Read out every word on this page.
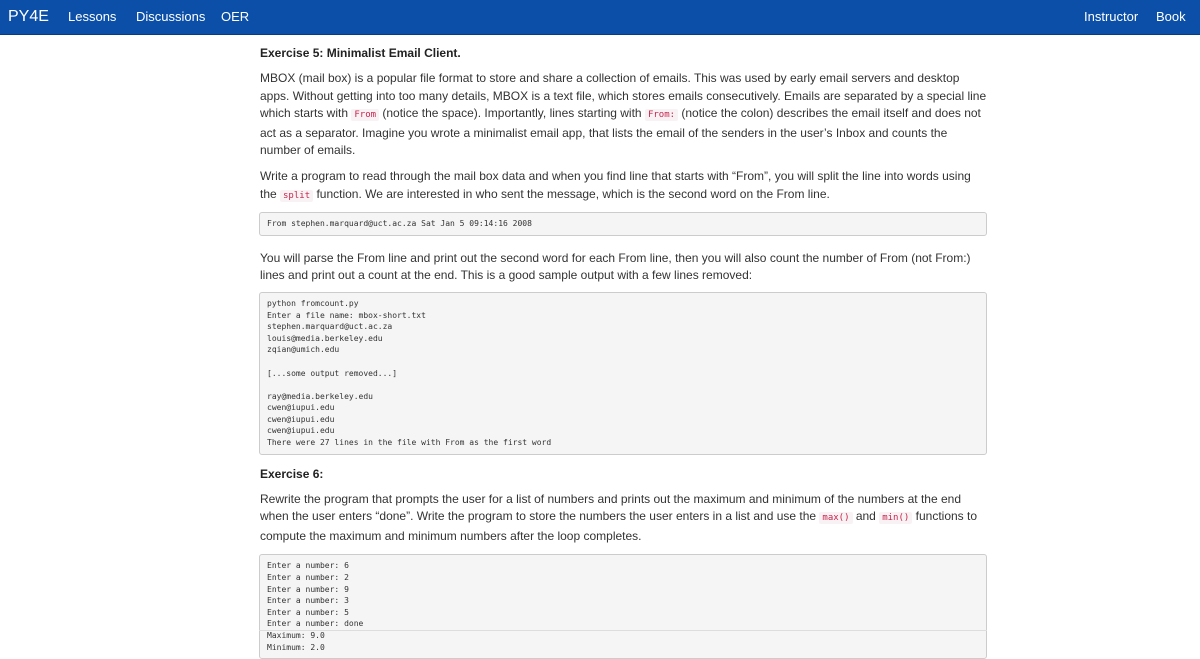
PY4E Lessons Discussions OER	Instructor Book
Exercise 5: Minimalist Email Client.

MBOX (mail box) is a popular file format to store and share a collection of emails. This was used by early email servers and desktop apps. Without getting into too many details, MBOX is a text file, which stores emails consecutively. Emails are separated by a special line which starts with From (notice the space). Importantly, lines starting with From: (notice the colon) describes the email itself and does not act as a separator. Imagine you wrote a minimalist email app, that lists the email of the senders in the user’s Inbox and counts the number of emails.

Write a program to read through the mail box data and when you find line that starts with “From”, you will split the line into words using the split function. We are interested in who sent the message, which is the second word on the From line.

From stephen.marquard@uct.ac.za Sat Jan 5 09:14:16 2008

You will parse the From line and print out the second word for each From line, then you will also count the number of From (not From:) lines and print out a count at the end. This is a good sample output with a few lines removed:

python fromcount.py
Enter a file name: mbox-short.txt
stephen.marquard@uct.ac.za
louis@media.berkeley.edu
zqian@umich.edu

[...some output removed...]

ray@media.berkeley.edu
cwen@iupui.edu
cwen@iupui.edu
cwen@iupui.edu
There were 27 lines in the file with From as the first word
Exercise 6:

Rewrite the program that prompts the user for a list of numbers and prints out the maximum and minimum of the numbers at the end when the user enters “done”. Write the program to store the numbers the user enters in a list and use the max() and min() functions to compute the maximum and minimum numbers after the loop completes.

Enter a number: 6
Enter a number: 2
Enter a number: 9
Enter a number: 3
Enter a number: 5
Enter a number: done
Maximum: 9.0
Minimum: 2.0
